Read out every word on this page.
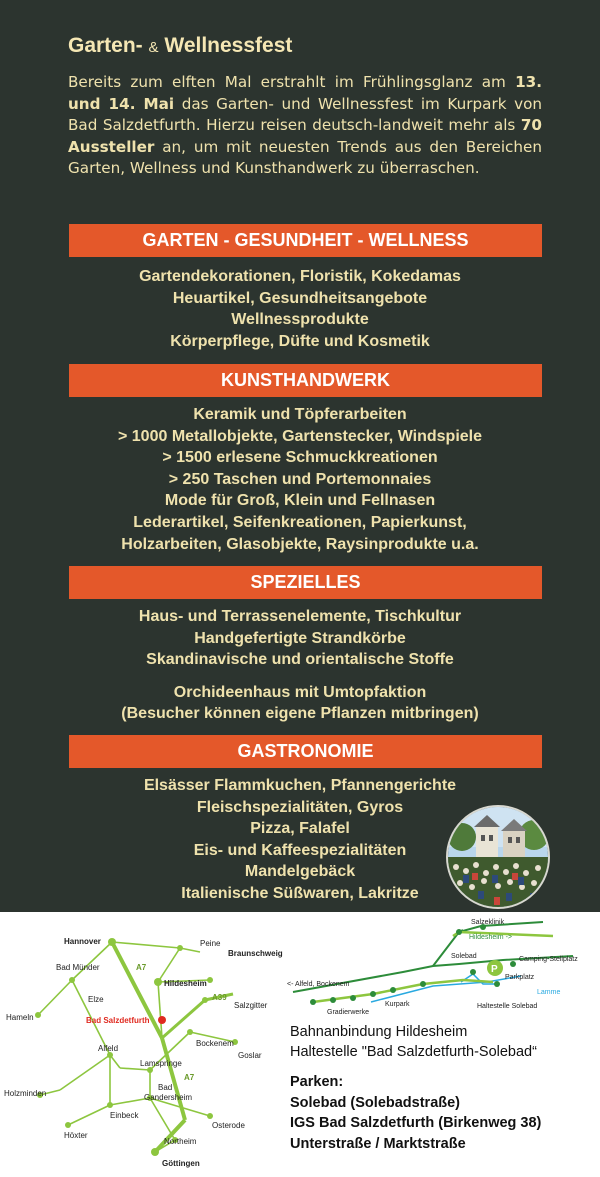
Garten- & Wellnessfest
Bereits zum elften Mal erstrahlt im Frühlingsglanz am 13. und 14. Mai das Garten- und Wellnessfest im Kurpark von Bad Salzdetfurth. Hierzu reisen deutsch-landweit mehr als 70 Aussteller an, um mit neuesten Trends aus den Bereichen Garten, Wellness und Kunsthandwerk zu überraschen.
GARTEN - GESUNDHEIT - WELLNESS
Gartendekorationen, Floristik, Kokedamas
Heuartikel, Gesundheitsangebote
Wellnessprodukte
Körperpflege, Düfte und Kosmetik
KUNSTHANDWERK
Keramik und Töpferarbeiten
> 1000 Metallobjekte, Gartenstecker, Windspiele
> 1500 erlesene Schmuckkreationen
> 250 Taschen und Portemonnaies
Mode für Groß, Klein und Fellnasen
Lederartikel, Seifenkreationen, Papierkunst,
Holzarbeiten, Glasobjekte, Raysinprodukte u.a.
SPEZIELLES
Haus- und Terrassenelemente, Tischkultur
Handgefertigte Strandkörbe
Skandinavische und orientalische Stoffe
Orchideenhaus mit Umtopfaktion
(Besucher können eigene Pflanzen mitbringen)
GASTRONOMIE
Elsässer Flammkuchen, Pfannengerichte
Fleischspezialitäten, Gyros
Pizza, Falafel
Eis- und Kaffeespezialitäten
Mandelgebäck
Italienische Süßwaren, Lakritze
Hannover	Peine
Braunschweig
Bad Münder
Hildesheim
A7
Elze	A39
Salzgitter
Hameln	Bad Salzdetfurth
Alfeld
Bockenem
Lamspringe
Goslar
A7
Holzminden
Bad
Gandersheim
Einbeck
Höxter
Osterode
Northeim
Göttingen
P
Salzeklinik
Hildesheim ->
Camping-Stellplatz
Solebad
Parkplatz
<- Alfeld, Bockenem
Kurpark
Lamme
Gradierwerke
Haltestelle Solebad
Bahnanbindung Hildesheim
Haltestelle "Bad Salzdetfurth-Solebad“
Parken:
Solebad (Solebadstraße)
IGS Bad Salzdetfurth (Birkenweg 38)
Unterstraße / Marktstraße
